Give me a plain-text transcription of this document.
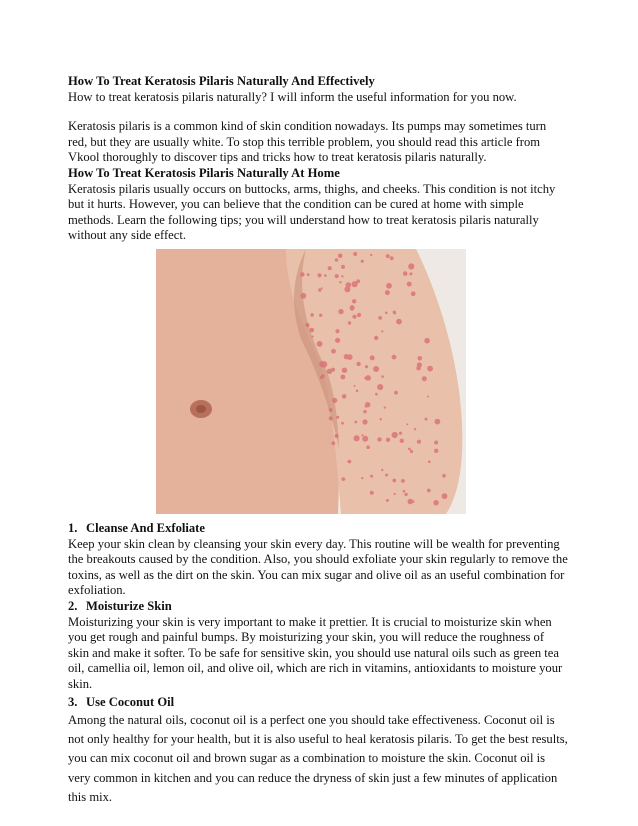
How To Treat Keratosis Pilaris Naturally And Effectively

How to treat keratosis pilaris naturally? I will inform the useful information for you now.

Keratosis pilaris is a common kind of skin condition nowadays. Its pumps may sometimes turn red, but they are usually white. To stop this terrible problem, you should read this article from Vkool thoroughly to discover tips and tricks how to treat keratosis pilaris naturally.

How To Treat Keratosis Pilaris Naturally At Home

Keratosis pilaris usually occurs on buttocks, arms, thighs, and cheeks. This condition is not itchy but it hurts. However, you can believe that the condition can be cured at home with simple methods. Learn the following tips; you will understand how to treat keratosis pilaris naturally without any side effect.

1. Cleanse And Exfoliate

Keep your skin clean by cleansing your skin every day. This routine will be wealth for preventing the breakouts caused by the condition. Also, you should exfoliate your skin regularly to remove the toxins, as well as the dirt on the skin. You can mix sugar and olive oil as an useful combination for exfoliation.

2. Moisturize Skin

Moisturizing your skin is very important to make it prettier. It is crucial to moisturize skin when you get rough and painful bumps. By moisturizing your skin, you will reduce the roughness of skin and make it softer. To be safe for sensitive skin, you should use natural oils such as green tea oil, camellia oil, lemon oil, and olive oil, which are rich in vitamins, antioxidants to moisture your skin.

3. Use Coconut Oil

Among the natural oils, coconut oil is a perfect one you should take effectiveness. Coconut oil is not only healthy for your health, but it is also useful to heal keratosis pilaris. To get the best results, you can mix coconut oil and brown sugar as a combination to moisture the skin. Coconut oil is very common in kitchen and you can reduce the dryness of skin just a few minutes of application this mix.
